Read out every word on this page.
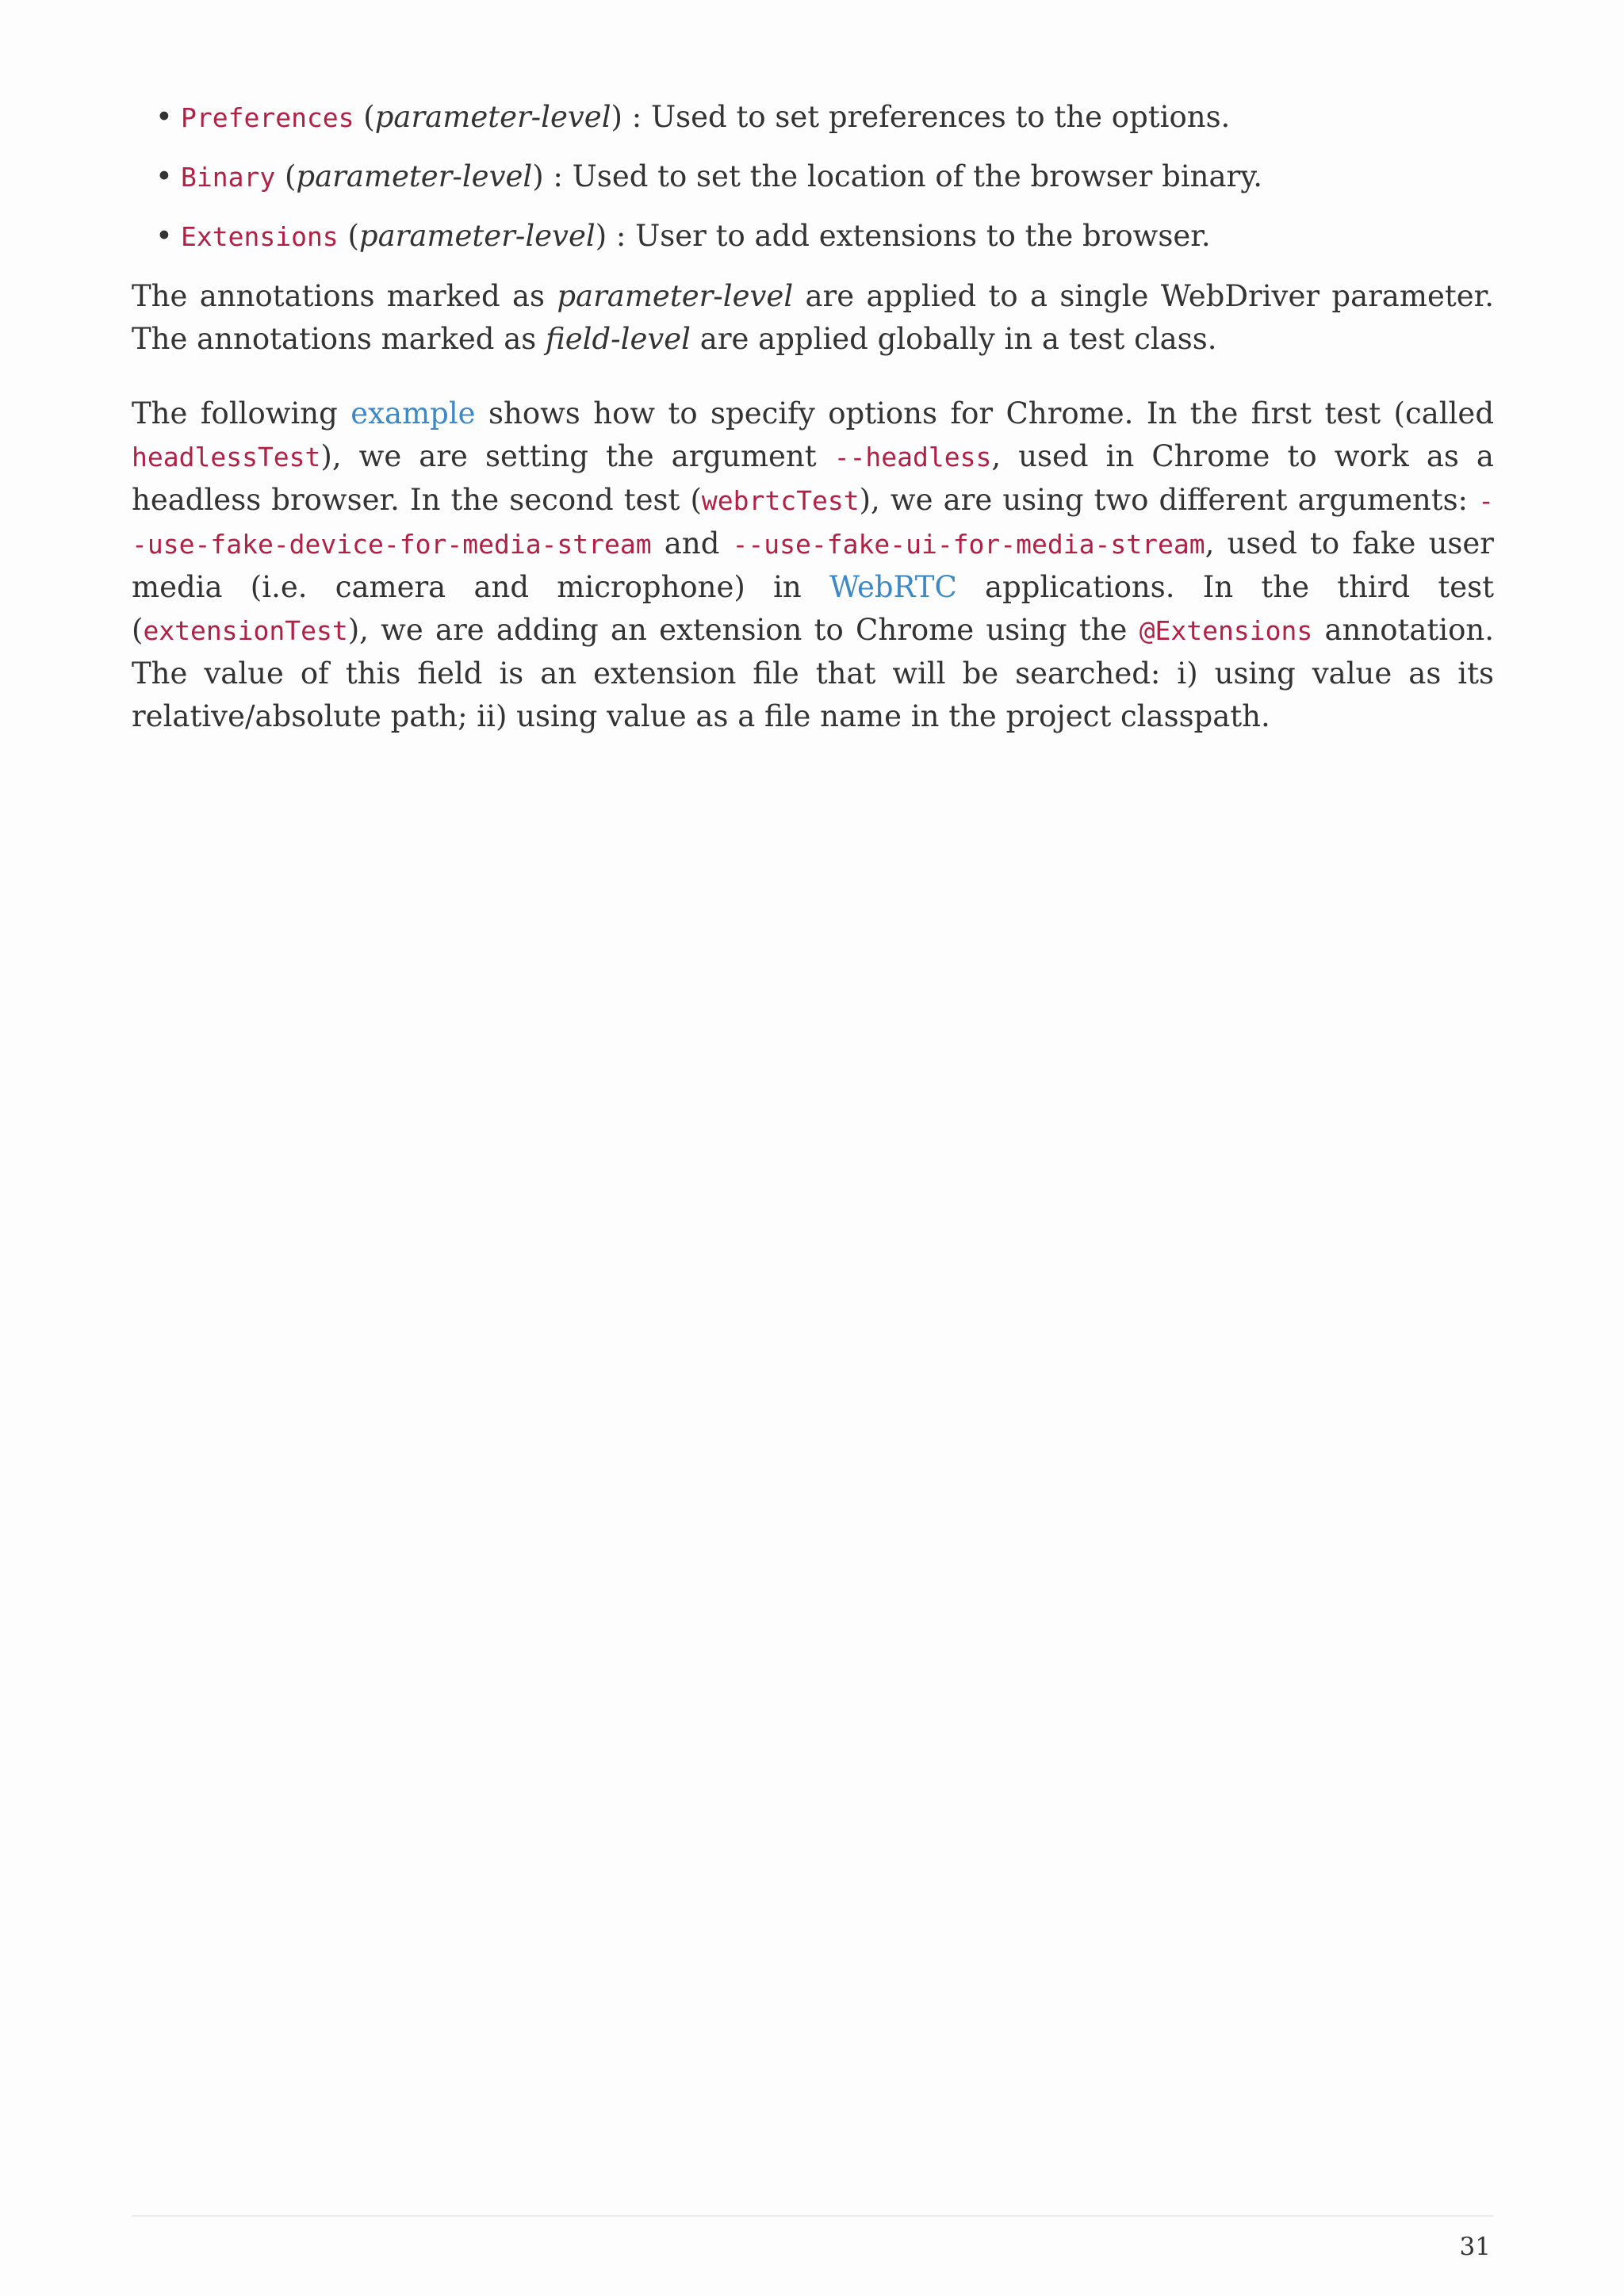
• Preferences (parameter-level) : Used to set preferences to the options.
• Binary (parameter-level) : Used to set the location of the browser binary.
• Extensions (parameter-level) : User to add extensions to the browser.

The annotations marked as parameter-level are applied to a single WebDriver parameter. The annotations marked as field-level are applied globally in a test class.

The following example shows how to specify options for Chrome. In the first test (called headlessTest), we are setting the argument --headless, used in Chrome to work as a headless browser. In the second test (webrtcTest), we are using two different arguments: --use-fake-device-for-media-stream and --use-fake-ui-for-media-stream, used to fake user media (i.e. camera and microphone) in WebRTC applications. In the third test (extensionTest), we are adding an extension to Chrome using the @Extensions annotation. The value of this field is an extension file that will be searched: i) using value as its relative/absolute path; ii) using value as a file name in the project classpath.

31
